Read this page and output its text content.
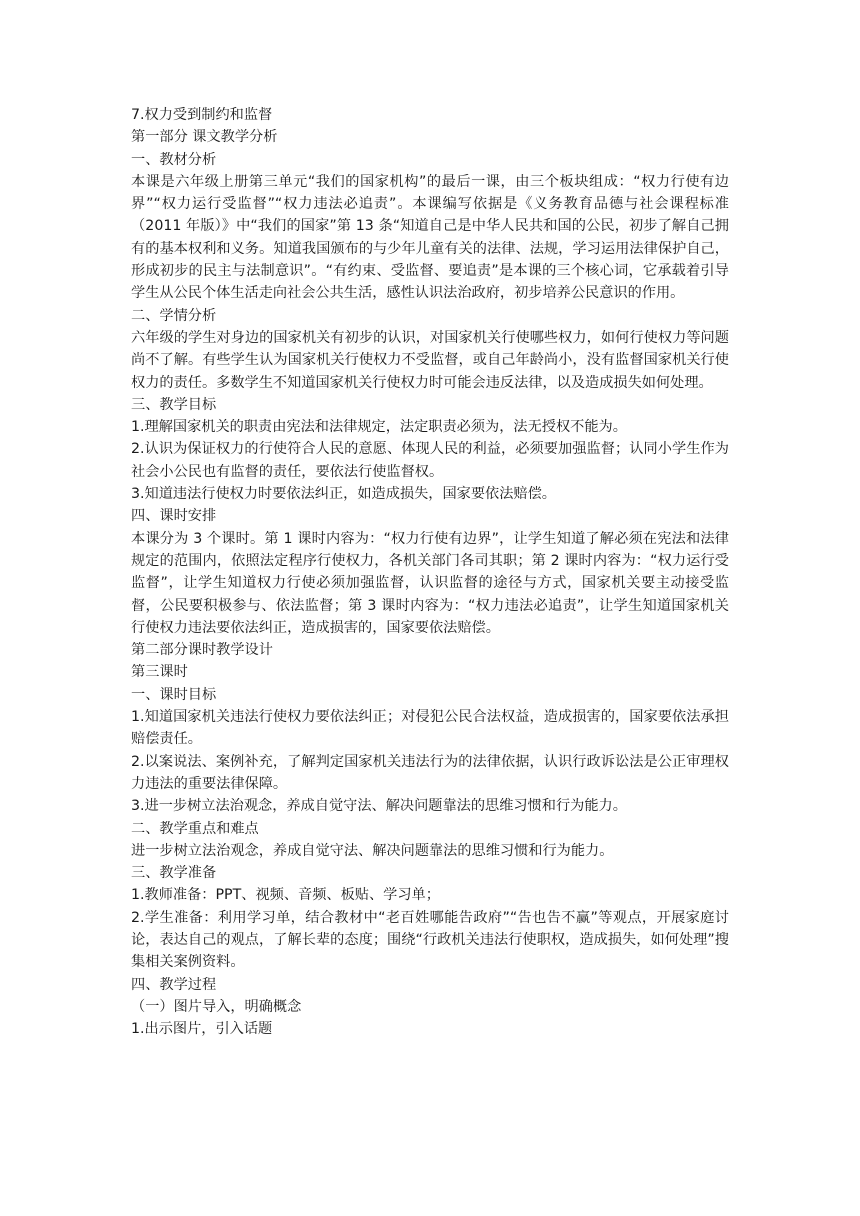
7.权力受到制约和监督

第一部分 课文教学分析

一、教材分析

本课是六年级上册第三单元“我们的国家机构”的最后一课，由三个板块组成：“权力行使有边界”“权力运行受监督”“权力违法必追责”。本课编写依据是《义务教育品德与社会课程标准（2011 年版）》中“我们的国家”第 13 条“知道自己是中华人民共和国的公民，初步了解自己拥有的基本权利和义务。知道我国颁布的与少年儿童有关的法律、法规，学习运用法律保护自己，形成初步的民主与法制意识”。“有约束、受监督、要追责”是本课的三个核心词，它承载着引导学生从公民个体生活走向社会公共生活，感性认识法治政府，初步培养公民意识的作用。

二、学情分析

六年级的学生对身边的国家机关有初步的认识，对国家机关行使哪些权力，如何行使权力等问题尚不了解。有些学生认为国家机关行使权力不受监督，或自己年龄尚小，没有监督国家机关行使权力的责任。多数学生不知道国家机关行使权力时可能会违反法律，以及造成损失如何处理。

三、教学目标

1.理解国家机关的职责由宪法和法律规定，法定职责必须为，法无授权不能为。

2.认识为保证权力的行使符合人民的意愿、体现人民的利益，必须要加强监督；认同小学生作为社会小公民也有监督的责任，要依法行使监督权。

3.知道违法行使权力时要依法纠正，如造成损失，国家要依法赔偿。

四、课时安排

本课分为 3 个课时。第 1 课时内容为：“权力行使有边界”，让学生知道了解必须在宪法和法律规定的范围内，依照法定程序行使权力，各机关部门各司其职；第 2 课时内容为：“权力运行受监督”，让学生知道权力行使必须加强监督，认识监督的途径与方式，国家机关要主动接受监督，公民要积极参与、依法监督；第 3 课时内容为：“权力违法必追责”，让学生知道国家机关行使权力违法要依法纠正，造成损害的，国家要依法赔偿。

第二部分课时教学设计

第三课时

一、课时目标

1.知道国家机关违法行使权力要依法纠正；对侵犯公民合法权益，造成损害的，国家要依法承担赔偿责任。

2.以案说法、案例补充，了解判定国家机关违法行为的法律依据，认识行政诉讼法是公正审理权力违法的重要法律保障。

3.进一步树立法治观念，养成自觉守法、解决问题靠法的思维习惯和行为能力。

二、教学重点和难点

进一步树立法治观念，养成自觉守法、解决问题靠法的思维习惯和行为能力。

三、教学准备

1.教师准备：PPT、视频、音频、板贴、学习单；

2.学生准备：利用学习单，结合教材中“老百姓哪能告政府”“告也告不赢”等观点，开展家庭讨论，表达自己的观点，了解长辈的态度；围绕“行政机关违法行使职权，造成损失，如何处理”搜集相关案例资料。

四、教学过程

（一）图片导入，明确概念

1.出示图片，引入话题
